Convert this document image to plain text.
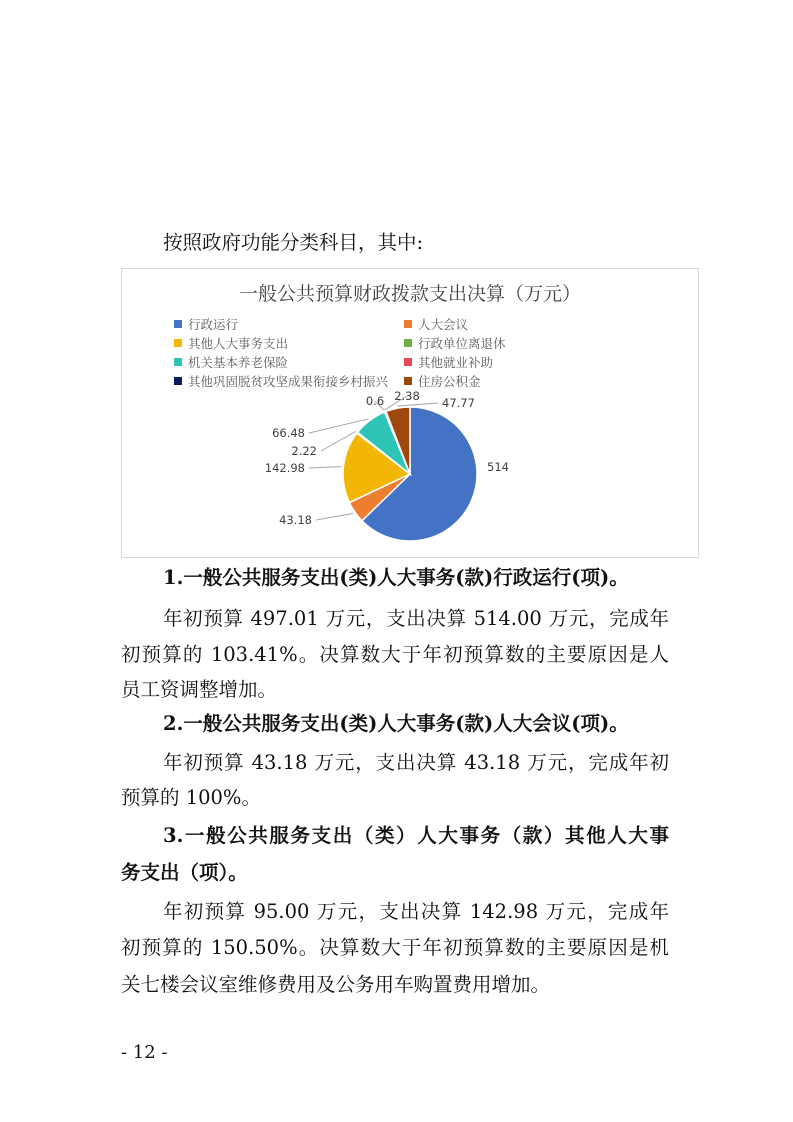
按照政府功能分类科目，其中:
一般公共预算财政拨款支出决算（万元）
行政运行	人大会议
其他人大事务支出	行政单位离退休
机关基本养老保险	其他就业补助
其他巩固脱贫攻坚成果衔接乡村振兴 住房公积金
514
43.18
142.98
2.22
66.48
0.6 2.38 47.77
1.一般公共服务支出(类)人大事务(款)行政运行(项)。
年初预算 497.01 万元，支出决算 514.00 万元，完成年
初预算的 103.41%。决算数大于年初预算数的主要原因是人
员工资调整增加。
2.一般公共服务支出(类)人大事务(款)人大会议(项)。
年初预算 43.18 万元，支出决算 43.18 万元，完成年初
预算的 100%。
3.一般公共服务支出（类）人大事务（款）其他人大事
务支出（项）。
年初预算 95.00 万元，支出决算 142.98 万元，完成年
初预算的 150.50%。决算数大于年初预算数的主要原因是机
关七楼会议室维修费用及公务用车购置费用增加。
- 12 -
